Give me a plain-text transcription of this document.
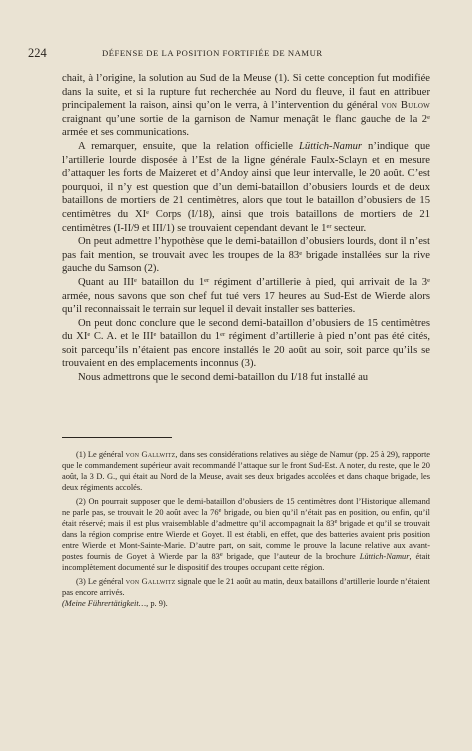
224	DÉFENSE DE LA POSITION FORTIFIÉE DE NAMUR

chait, à l’origine, la solution au Sud de la Meuse (1). Si cette conception fut modifiée dans la suite, et si la rupture fut recherchée au Nord du fleuve, il faut en attribuer principalement la raison, ainsi qu’on le verra, à l’intervention du général von Bulow craignant qu’une sortie de la garnison de Namur menaçât le flanc gauche de la 2e armée et ses communications.

A remarquer, ensuite, que la relation officielle Lüttich-Namur n’indique que l’artillerie lourde disposée à l’Est de la ligne générale Faulx-Sclayn et en mesure d’attaquer les forts de Maizeret et d’Andoy ainsi que leur intervalle, le 20 août. C’est pourquoi, il n’y est question que d’un demi-bataillon d’obusiers lourds et de deux bataillons de mortiers de 21 centimètres, alors que tout le bataillon d’obusiers de 15 centimètres du XIe Corps (I/18), ainsi que trois bataillons de mortiers de 21 centimètres (I-II/9 et III/1) se trouvaient cependant devant le 1er secteur.

On peut admettre l’hypothèse que le demi-bataillon d’obusiers lourds, dont il n’est pas fait mention, se trouvait avec les troupes de la 83e brigade installées sur la rive gauche du Samson (2).

Quant au IIIe bataillon du 1er régiment d’artillerie à pied, qui arrivait de la 3e armée, nous savons que son chef fut tué vers 17 heures au Sud-Est de Wierde alors qu’il reconnaissait le terrain sur lequel il devait installer ses batteries.

On peut donc conclure que le second demi-bataillon d’obusiers de 15 centimètres du XIe C. A. et le IIIe bataillon du 1er régiment d’artillerie à pied n’ont pas été cités, soit parcequ’ils n’étaient pas encore installés le 20 août au soir, soit parce qu’ils se trouvaient en des emplacements inconnus (3).

Nous admettrons que le second demi-bataillon du I/18 fut installé au

(1) Le général von Gallwitz, dans ses considérations relatives au siège de Namur (pp. 25 à 29), rapporte que le commandement supérieur avait recommandé l’attaque sur le front Sud-Est. A noter, du reste, que le 20 août, la 3 D. G., qui était au Nord de la Meuse, avait ses deux brigades accolées et dans chaque brigade, les deux régiments accolés.

(2) On pourrait supposer que le demi-bataillon d’obusiers de 15 centimètres dont l’Historique allemand ne parle pas, se trouvait le 20 août avec la 76e brigade, ou bien qu’il n’était pas en position, ou enfin, qu’il était réservé; mais il est plus vraisemblable d’admettre qu’il accompagnait la 83e brigade et qu’il se trouvait dans la région comprise entre Wierde et Goyet. Il est établi, en effet, que des batteries avaient pris position entre Wierde et Mont-Sainte-Marie. D’autre part, on sait, comme le prouve la lacune relative aux avant-postes fournis de Goyet à Wierde par la 83e brigade, que l’auteur de la brochure Lüttich-Namur, était incomplètement documenté sur le dispositif des troupes occupant cette région.

(3) Le général von Gallwitz signale que le 21 août au matin, deux bataillons d’artillerie lourde n’étaient pas encore arrivés.
(Meine Führertätigkeit…, p. 9).
